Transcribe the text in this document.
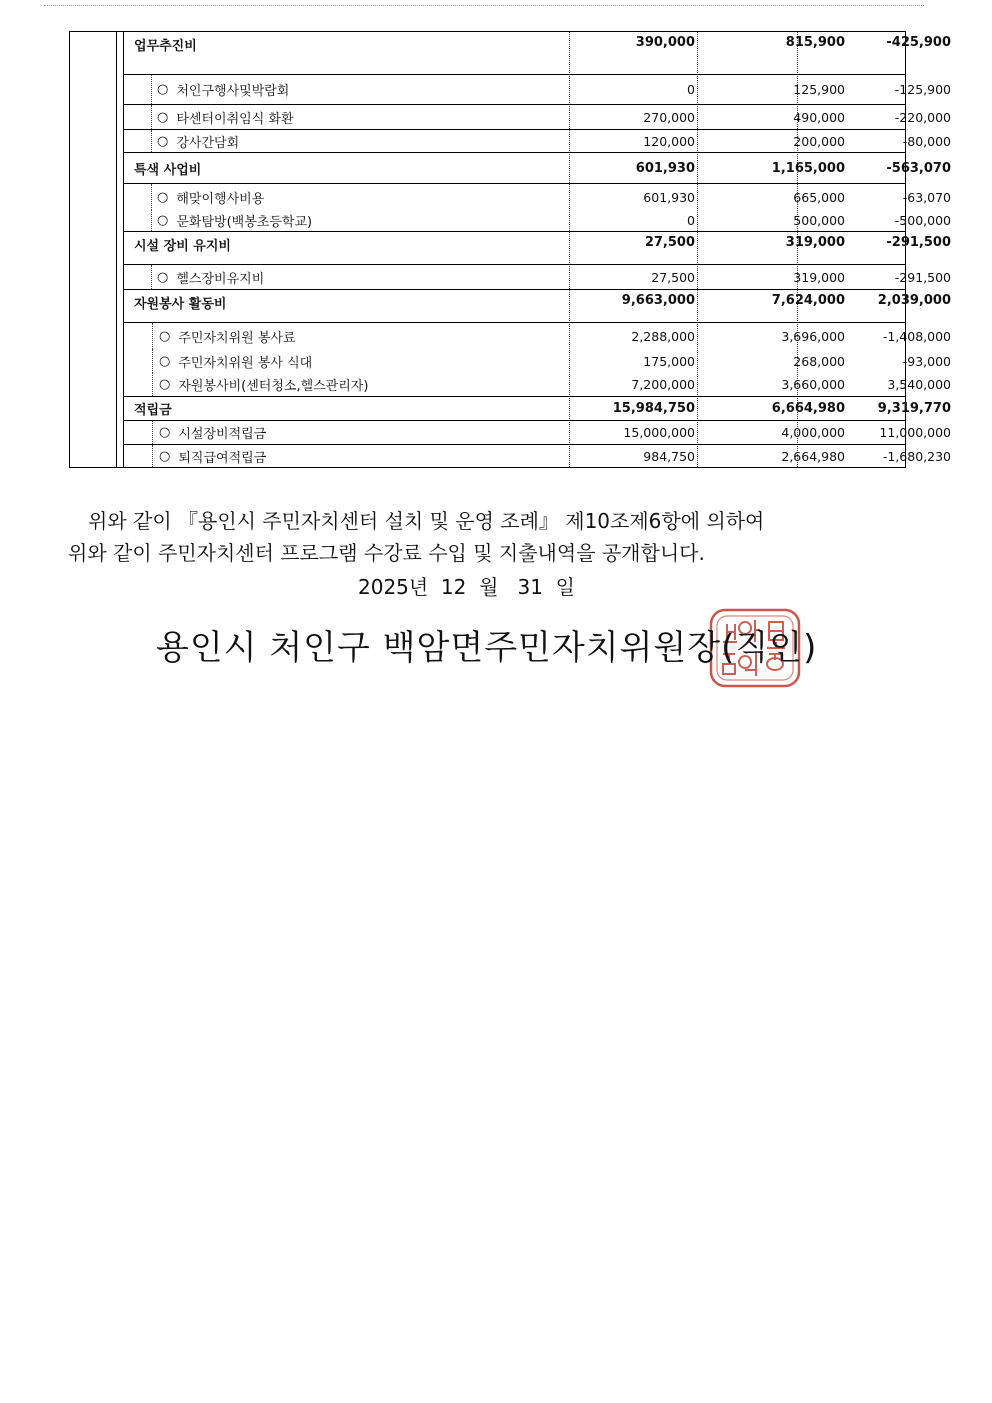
업무추진비	390,000	815,900	-425,900
○ 처인구행사및박람회	0	125,900	-125,900
○ 타센터이취임식 화환	270,000	490,000	-220,000
○ 강사간담회	120,000	200,000	-80,000
특색 사업비	601,930	1,165,000	-563,070
○ 해맞이행사비용	601,930	665,000	-63,070
○ 문화탐방(백봉초등학교)	0	500,000	-500,000
시설 장비 유지비	27,500	319,000	-291,500
○ 헬스장비유지비	27,500	319,000	-291,500
자원봉사 활동비	9,663,000	7,624,000	2,039,000
○ 주민자치위원 봉사료	2,288,000	3,696,000	-1,408,000
○ 주민자치위원 봉사 식대	175,000	268,000	-93,000
○ 자원봉사비(센터청소,헬스관리자)	7,200,000	3,660,000	3,540,000
적립금	15,984,750	6,664,980	9,319,770
○ 시설장비적립금	15,000,000	4,000,000	11,000,000
○ 퇴직급여적립금	984,750	2,664,980	-1,680,230
위와 같이 『용인시 주민자치센터 설치 및 운영 조례』 제10조제6항에 의하여
위와 같이 주민자치센터 프로그램 수강료 수입 및 지출내역을 공개합니다.
2025년  12  월   31  일
용인시 처인구 백암면주민자치위원장(직인)
